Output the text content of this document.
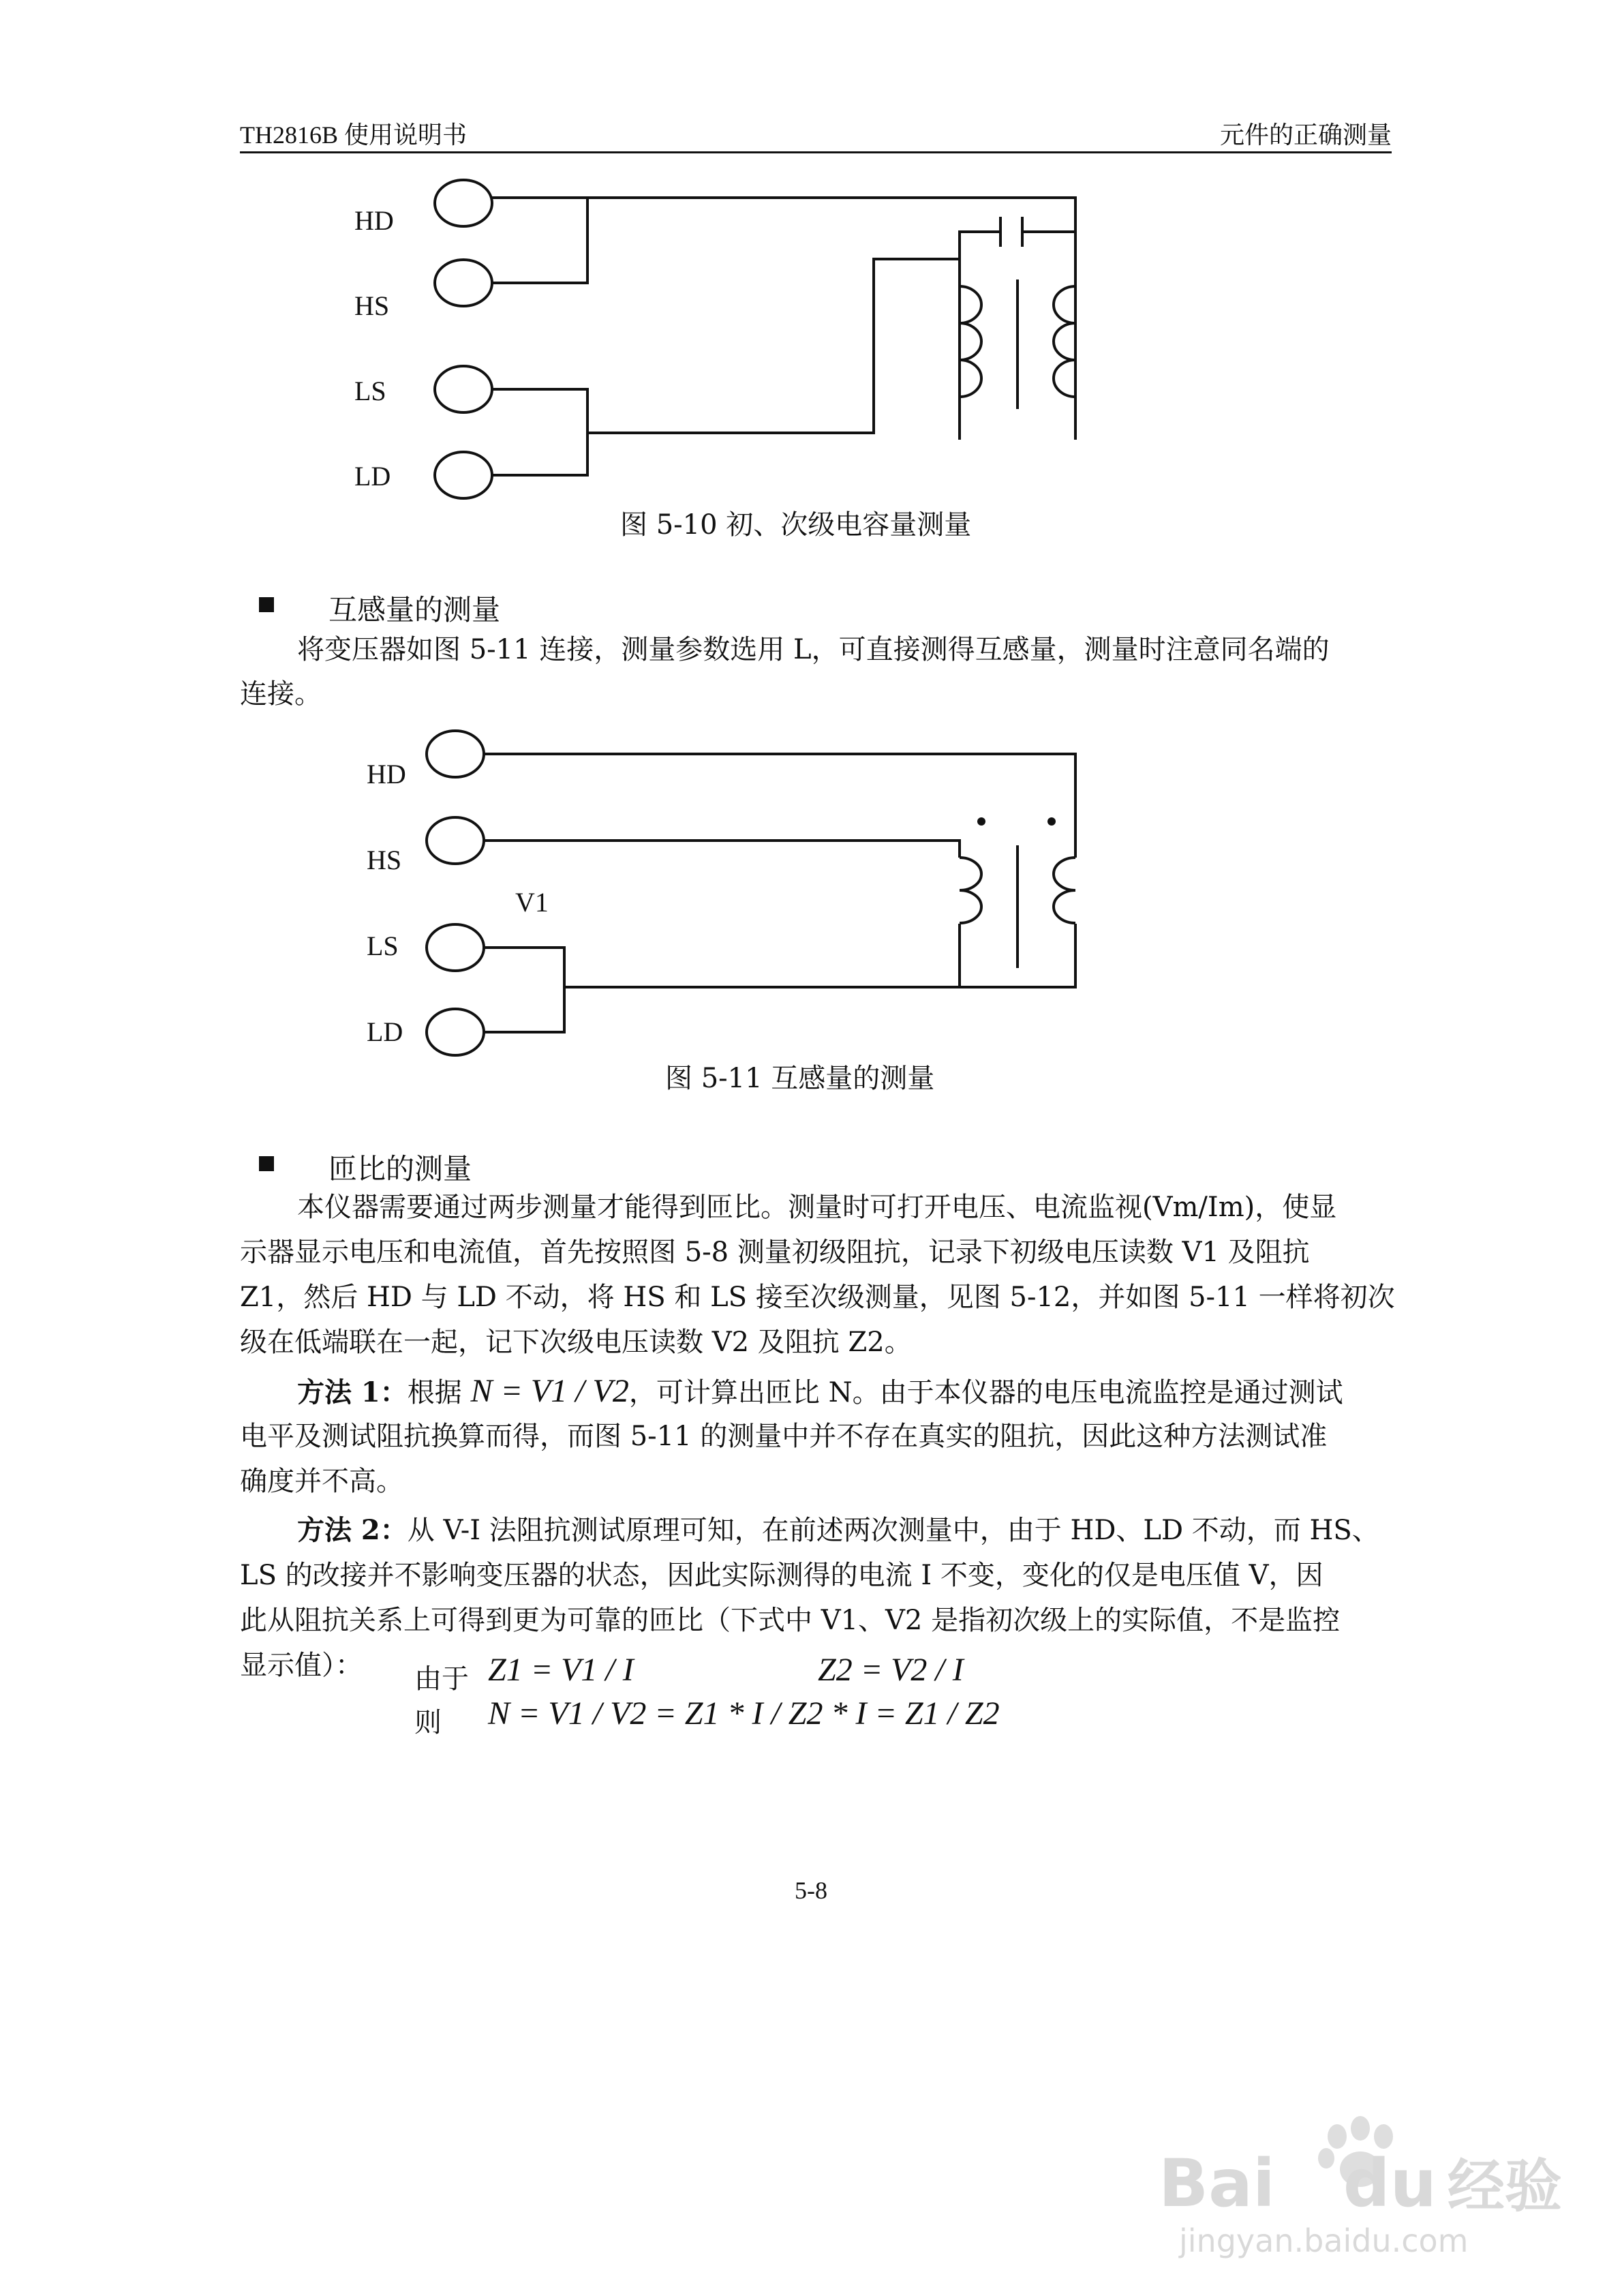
TH2816B 使用说明书	元件的正确测量
HD
HS
LS
LD
图 5-10 初、次级电容量测量
互感量的测量
将变压器如图 5-11 连接，测量参数选用 L，可直接测得互感量，测量时注意同名端的
连接。
HD
HS
LS
LD
V1
图 5-11 互感量的测量
匝比的测量
本仪器需要通过两步测量才能得到匝比。测量时可打开电压、电流监视(Vm/Im)，使显
示器显示电压和电流值，首先按照图 5-8 测量初级阻抗，记录下初级电压读数 V1 及阻抗
Z1，然后 HD 与 LD 不动，将 HS 和 LS 接至次级测量，见图 5-12，并如图 5-11 一样将初次
级在低端联在一起，记下次级电压读数 V2 及阻抗 Z2。
方法 1：根据 N = V1 / V2，可计算出匝比 N。由于本仪器的电压电流监控是通过测试
电平及测试阻抗换算而得，而图 5-11 的测量中并不存在真实的阻抗，因此这种方法测试准
确度并不高。
方法 2：从 V-I 法阻抗测试原理可知，在前述两次测量中，由于 HD、LD 不动，而 HS、
LS 的改接并不影响变压器的状态，因此实际测得的电流 I 不变，变化的仅是电压值 V，因
此从阻抗关系上可得到更为可靠的匝比（下式中 V1、V2 是指初次级上的实际值，不是监控
显示值）：	由于 Z1 = V1 / I	Z2 = V2 / I
则 N = V1 / V2 = Z1 * I / Z2 * I = Z1 / Z2
5-8
Bai du 经验
jingyan.baidu.com
